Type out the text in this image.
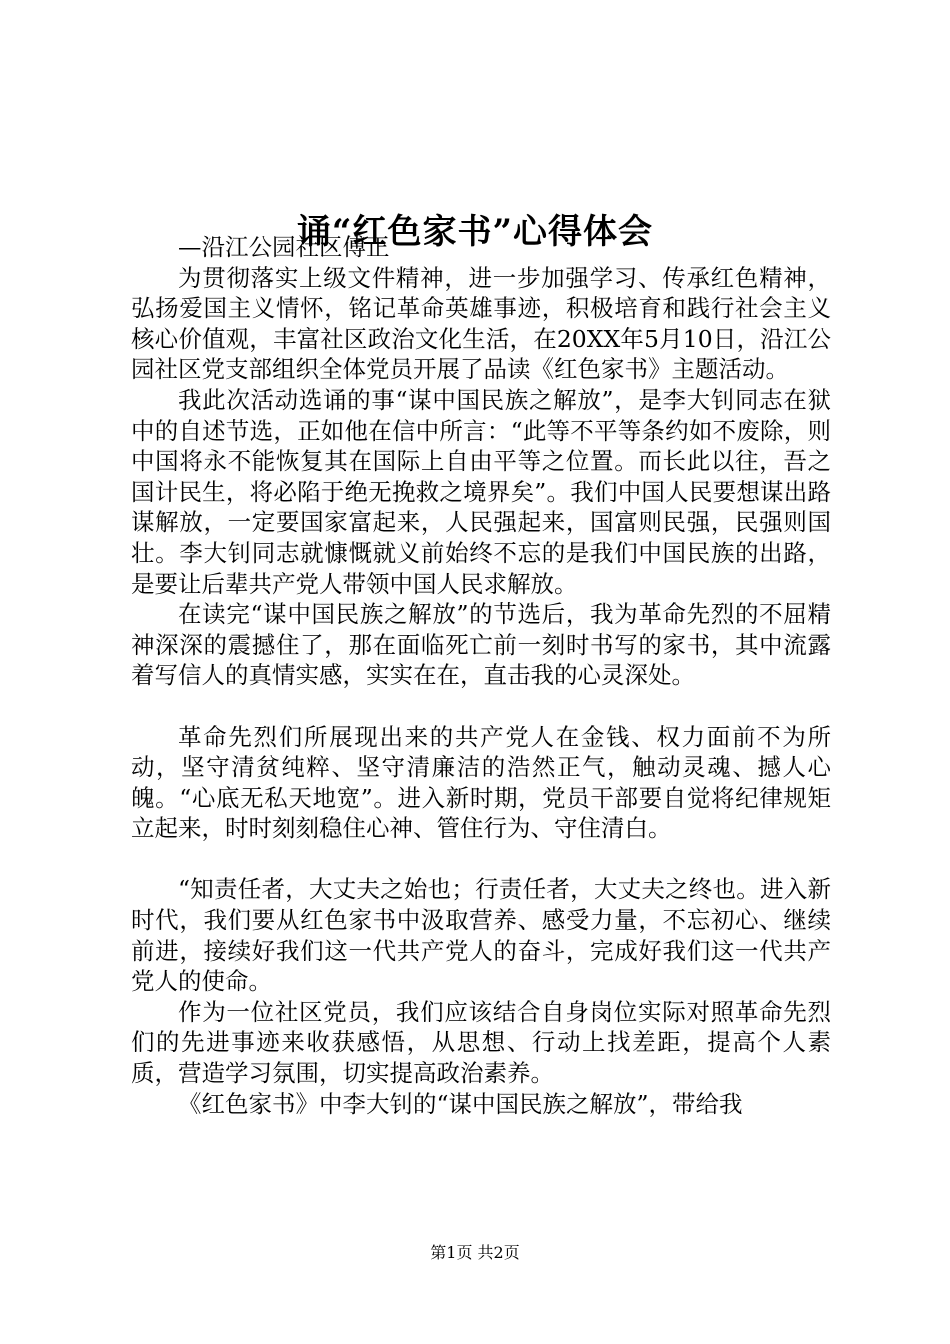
诵“红色家书”心得体会

—沿江公园社区傅正

为贯彻落实上级文件精神，进一步加强学习、传承红色精神，弘扬爱国主义情怀，铭记革命英雄事迹，积极培育和践行社会主义核心价值观，丰富社区政治文化生活，在20XX年5月10日，沿江公园社区党支部组织全体党员开展了品读《红色家书》主题活动。

我此次活动选诵的事“谋中国民族之解放”，是李大钊同志在狱中的自述节选，正如他在信中所言：“此等不平等条约如不废除，则中国将永不能恢复其在国际上自由平等之位置。而长此以往，吾之国计民生，将必陷于绝无挽救之境界矣”。我们中国人民要想谋出路谋解放，一定要国家富起来，人民强起来，国富则民强，民强则国壮。李大钊同志就慷慨就义前始终不忘的是我们中国民族的出路，是要让后辈共产党人带领中国人民求解放。

在读完“谋中国民族之解放”的节选后，我为革命先烈的不屈精神深深的震撼住了，那在面临死亡前一刻时书写的家书，其中流露着写信人的真情实感，实实在在，直击我的心灵深处。

革命先烈们所展现出来的共产党人在金钱、权力面前不为所动，坚守清贫纯粹、坚守清廉洁的浩然正气，触动灵魂、撼人心魄。“心底无私天地宽”。进入新时期，党员干部要自觉将纪律规矩立起来，时时刻刻稳住心神、管住行为、守住清白。

“知责任者，大丈夫之始也；行责任者，大丈夫之终也。进入新时代，我们要从红色家书中汲取营养、感受力量，不忘初心、继续前进，接续好我们这一代共产党人的奋斗，完成好我们这一代共产党人的使命。

作为一位社区党员，我们应该结合自身岗位实际对照革命先烈们的先进事迹来收获感悟，从思想、行动上找差距，提高个人素质，营造学习氛围，切实提高政治素养。

《红色家书》中李大钊的“谋中国民族之解放”，带给我

第1页 共2页
